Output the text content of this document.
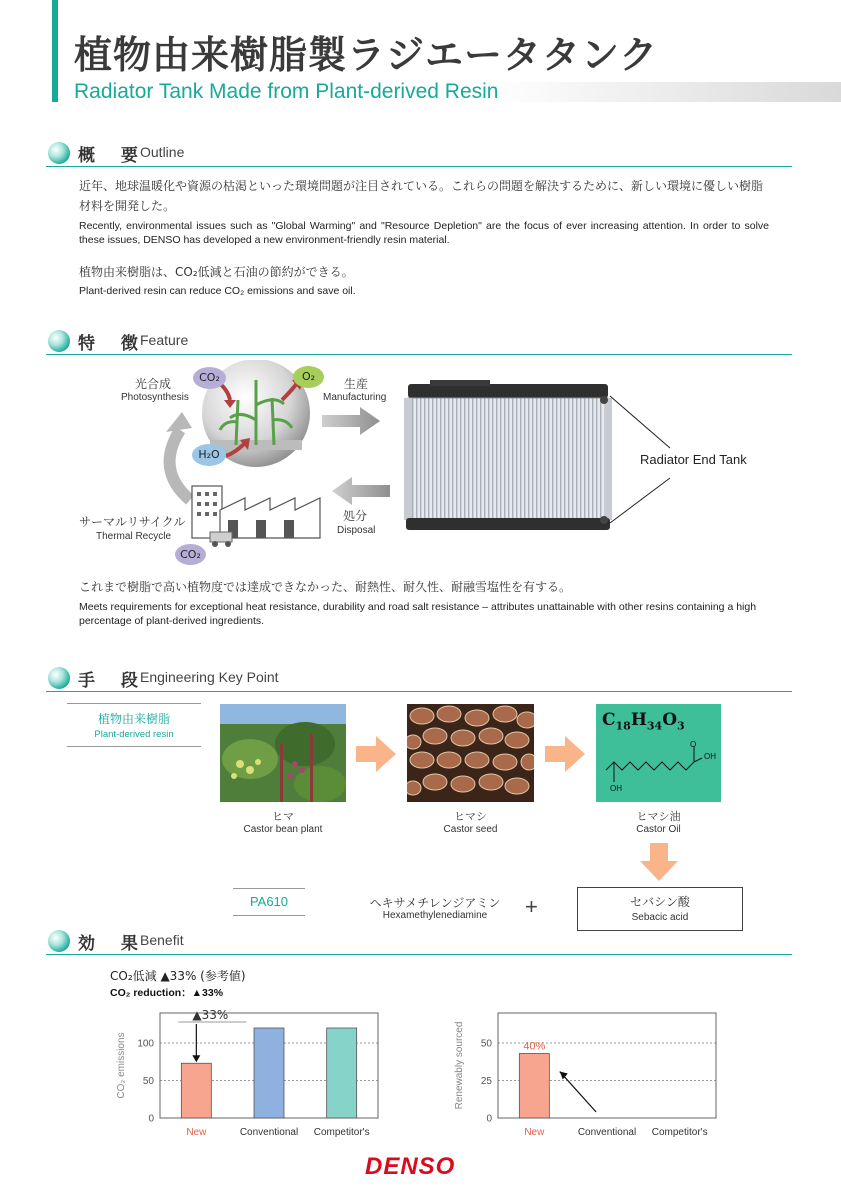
植物由来樹脂製ラジエータタンク
Radiator Tank Made from Plant-derived Resin
概 要
Outline
近年、地球温暖化や資源の枯渇といった環境問題が注目されている。これらの問題を解決するために、新しい環境に優しい樹脂
材料を開発した。
Recently, environmental issues such as "Global Warming" and "Resource Depletion" are the focus of ever increasing attention. In order to solve these issues, DENSO has developed a new environment-friendly resin material.
植物由来樹脂は、CO₂低減と石油の節約ができる。
Plant-derived resin can reduce CO₂ emissions and save oil.
特 徴
Feature
CO₂	O₂
H₂O
CO₂
光合成
Photosynthesis
生産
Manufacturing
処分
Disposal
サーマルリサイクル
Thermal Recycle
Radiator End Tank
これまで樹脂で高い植物度では達成できなかった、耐熱性、耐久性、耐融雪塩性を有する。
Meets requirements for exceptional heat resistance, durability and road salt resistance – attributes unattainable with other resins containing a high percentage of plant-derived ingredients.
手 段
Engineering Key Point
植物由来樹脂
Plant-derived resin
ヒマ
Castor bean plant
ヒマシ
Castor seed
$C_{18}H_{34}O_3$
O
OH
OH
ヒマシ油
Castor Oil
PA610	ヘキサメチレンジアミン
Hexamethylenediamine	+	セバシン酸
Sebacic acid
効 果
Benefit
CO₂低減 ▲33% (参考値)
CO₂ reduction：▲33%
CO₂ emissions
0
50
100
New	Conventional Competitor's
▲33%
Renewably sourced
0
25
50
New	Conventional Competitor's
40%
DENSO
